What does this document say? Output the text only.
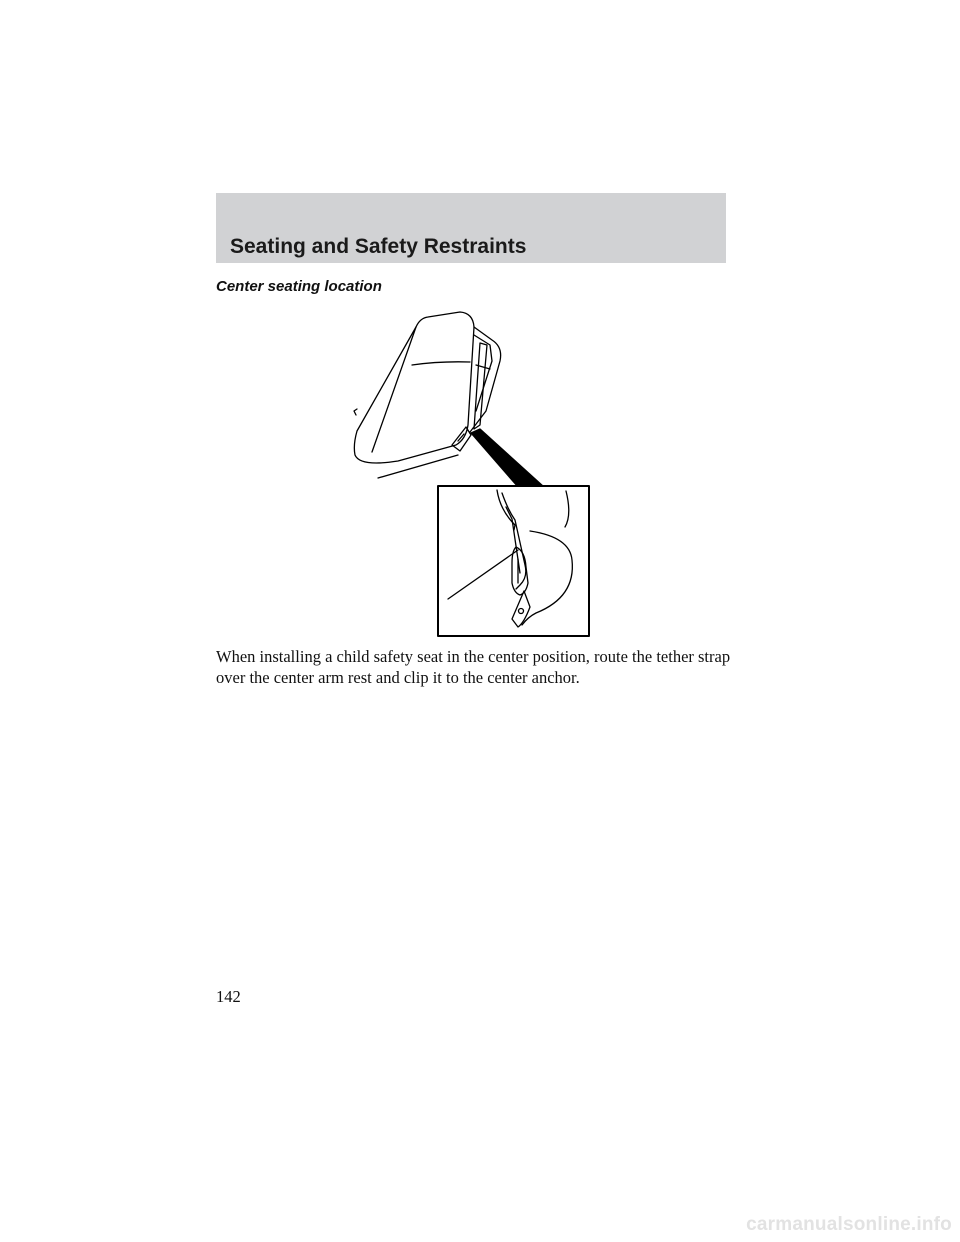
Seating and Safety Restraints
Center seating location

When installing a child safety seat in the center position, route the tether strap over the center arm rest and clip it to the center anchor.

142

carmanualsonline.info
